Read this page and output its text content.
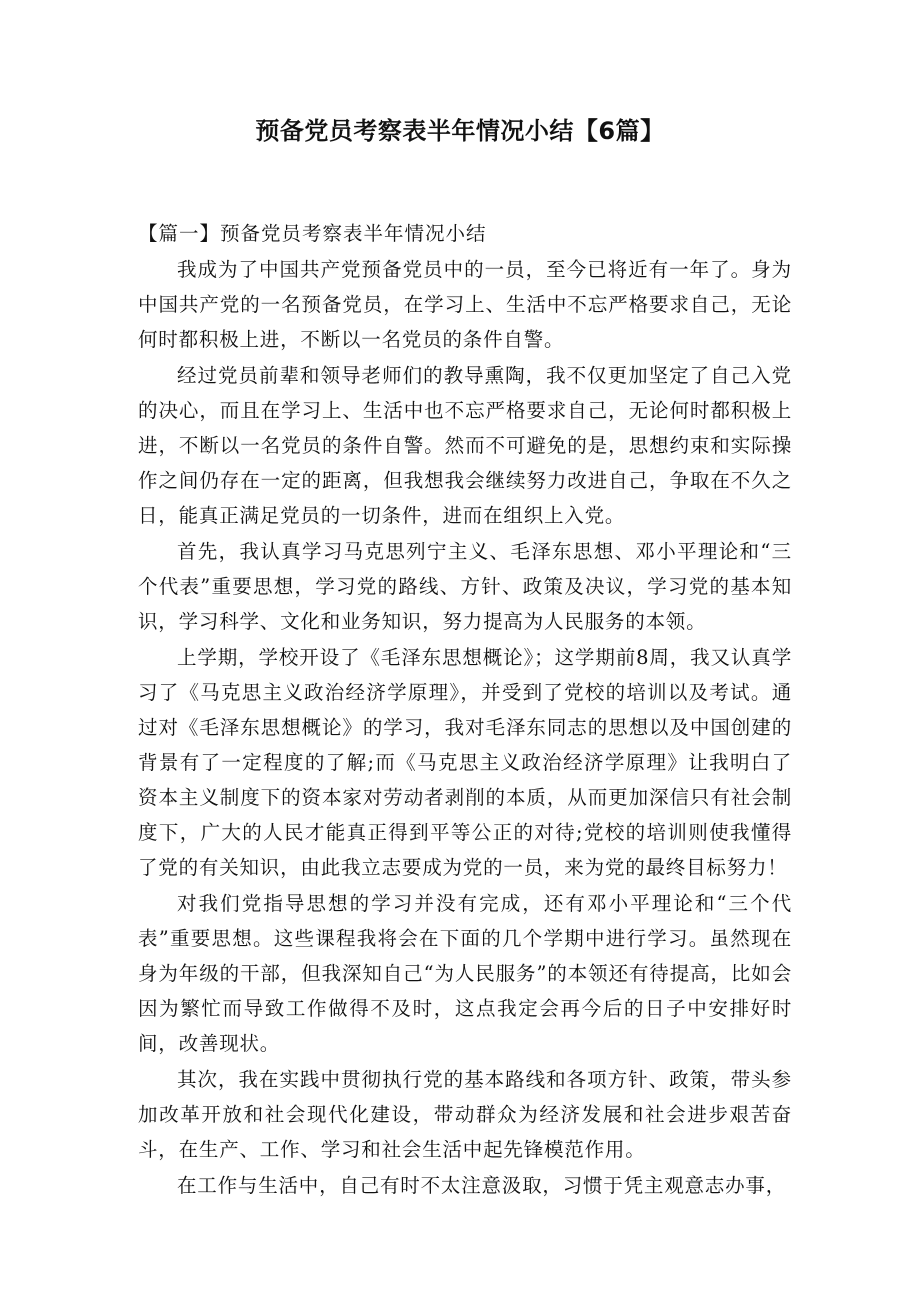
预备党员考察表半年情况小结【6篇】

【篇一】预备党员考察表半年情况小结

我成为了中国共产党预备党员中的一员，至今已将近有一年了。身为中国共产党的一名预备党员，在学习上、生活中不忘严格要求自己，无论何时都积极上进，不断以一名党员的条件自警。

经过党员前辈和领导老师们的教导熏陶，我不仅更加坚定了自己入党的决心，而且在学习上、生活中也不忘严格要求自己，无论何时都积极上进，不断以一名党员的条件自警。然而不可避免的是，思想约束和实际操作之间仍存在一定的距离，但我想我会继续努力改进自己，争取在不久之日，能真正满足党员的一切条件，进而在组织上入党。

首先，我认真学习马克思列宁主义、毛泽东思想、邓小平理论和“三个代表”重要思想，学习党的路线、方针、政策及决议，学习党的基本知识，学习科学、文化和业务知识，努力提高为人民服务的本领。

上学期，学校开设了《毛泽东思想概论》；这学期前8周，我又认真学习了《马克思主义政治经济学原理》，并受到了党校的培训以及考试。通过对《毛泽东思想概论》的学习，我对毛泽东同志的思想以及中国创建的背景有了一定程度的了解;而《马克思主义政治经济学原理》让我明白了资本主义制度下的资本家对劳动者剥削的本质，从而更加深信只有社会制度下，广大的人民才能真正得到平等公正的对待;党校的培训则使我懂得了党的有关知识，由此我立志要成为党的一员，来为党的最终目标努力！

对我们党指导思想的学习并没有完成，还有邓小平理论和“三个代表”重要思想。这些课程我将会在下面的几个学期中进行学习。虽然现在身为年级的干部，但我深知自己“为人民服务”的本领还有待提高，比如会因为繁忙而导致工作做得不及时，这点我定会再今后的日子中安排好时间，改善现状。

其次，我在实践中贯彻执行党的基本路线和各项方针、政策，带头参加改革开放和社会现代化建设，带动群众为经济发展和社会进步艰苦奋斗，在生产、工作、学习和社会生活中起先锋模范作用。

在工作与生活中，自己有时不太注意汲取，习惯于凭主观意志办事，
